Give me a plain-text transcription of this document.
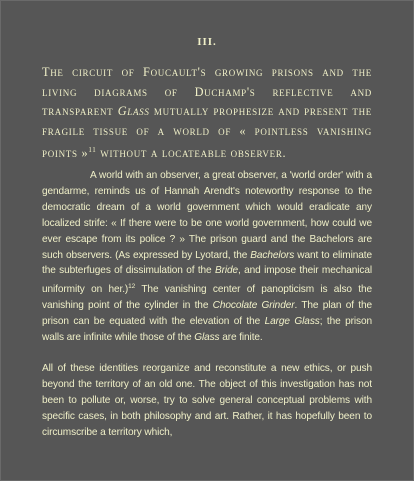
III.
The circuit of Foucault's growing prisons and the living diagrams of Duchamp's reflective and transparent Glass mutually prophesize and present the fragile tissue of a world of « pointless vanishing points »$^{11}$ without a locateable observer.

A world with an observer, a great observer, a 'world order' with a gendarme, reminds us of Hannah Arendt's noteworthy response to the democratic dream of a world government which would eradicate any localized strife: « If there were to be one world government, how could we ever escape from its police ? » The prison guard and the Bachelors are such observers. (As expressed by Lyotard, the Bachelors want to eliminate the subterfuges of dissimulation of the Bride, and impose their mechanical uniformity on her.)$^{12}$ The vanishing center of panopticism is also the vanishing point of the cylinder in the Chocolate Grinder. The plan of the prison can be equated with the elevation of the Large Glass; the prison walls are infinite while those of the Glass are finite.

All of these identities reorganize and reconstitute a new ethics, or push beyond the territory of an old one. The object of this investigation has not been to pollute or, worse, try to solve general conceptual problems with specific cases, in both philosophy and art. Rather, it has hopefully been to circumscribe a territory which,
